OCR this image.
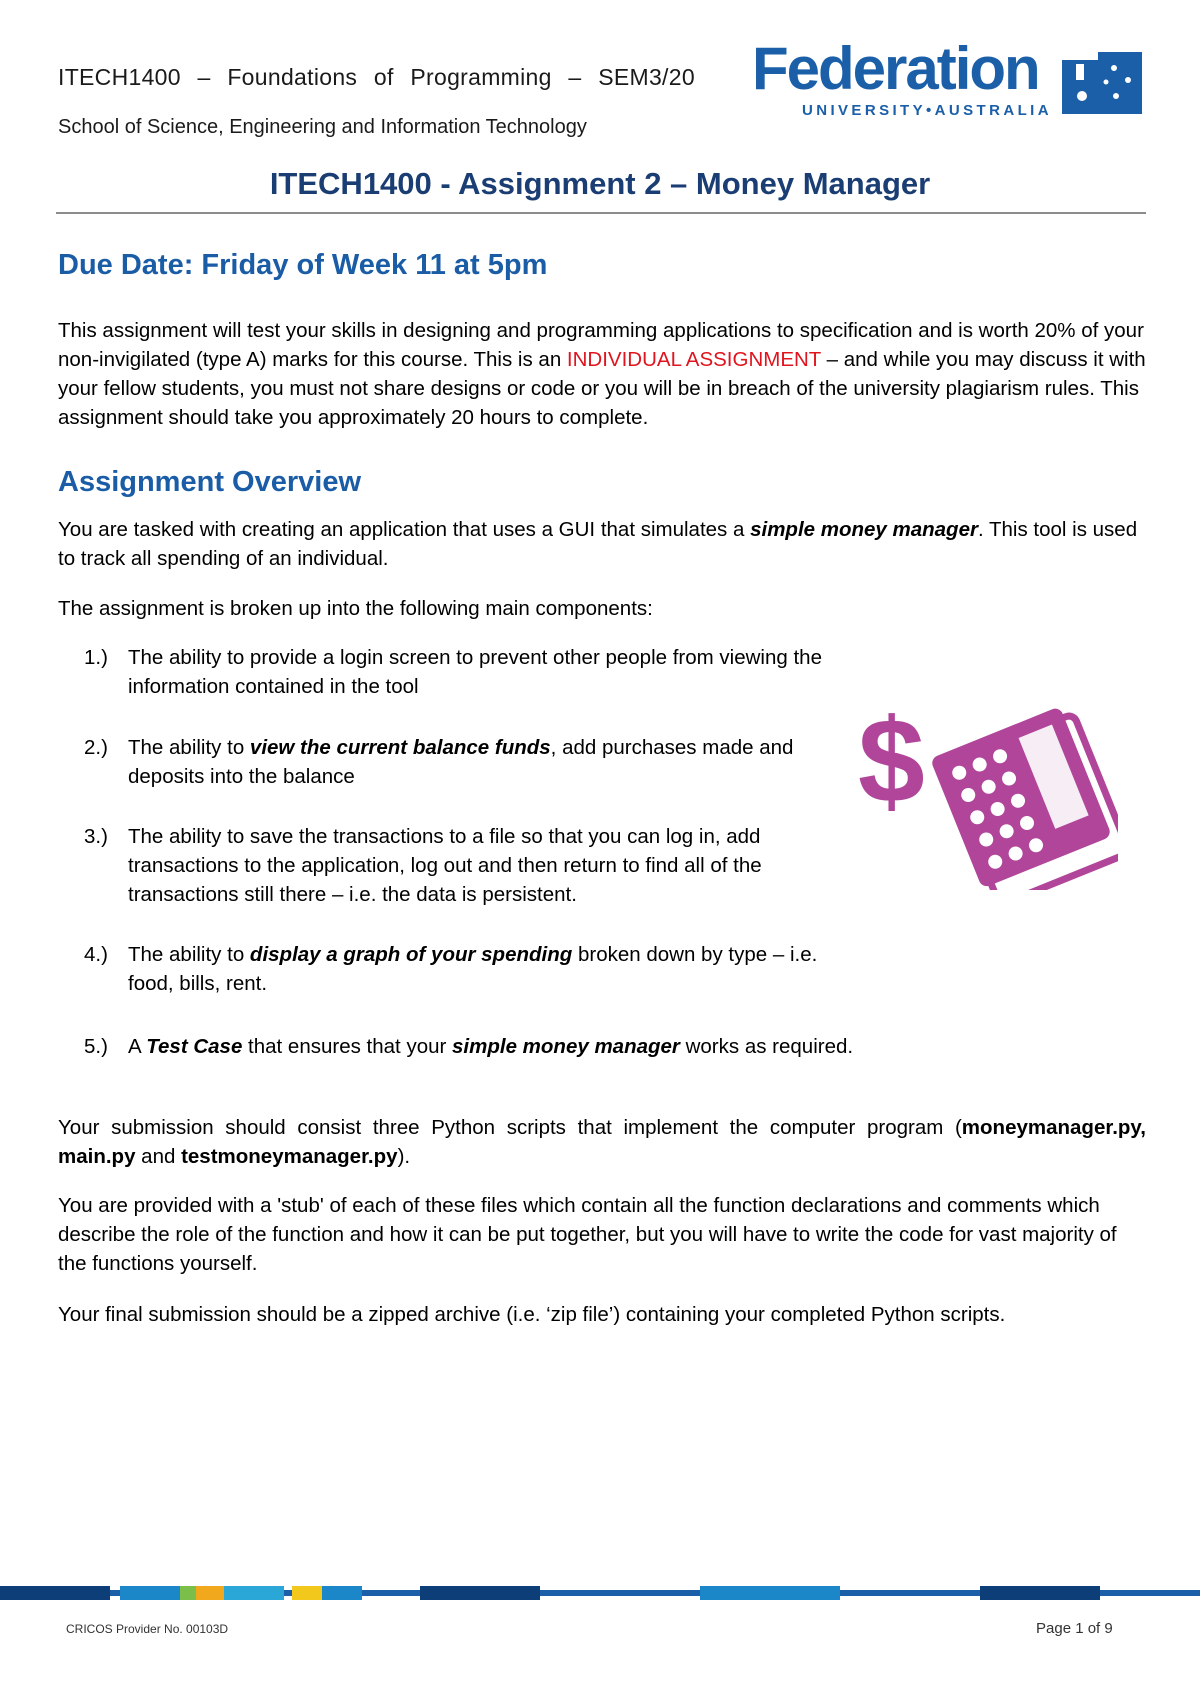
ITECH1400 – Foundations of Programming – SEM3/20
School of Science, Engineering and Information Technology
Federation
UNIVERSITY•AUSTRALIA
ITECH1400 - Assignment 2 – Money Manager
Due Date: Friday of Week 11 at 5pm
This assignment will test your skills in designing and programming applications to specification and is worth 20% of your non-invigilated (type A) marks for this course. This is an INDIVIDUAL ASSIGNMENT – and while you may discuss it with your fellow students, you must not share designs or code or you will be in breach of the university plagiarism rules. This assignment should take you approximately 20 hours to complete.
Assignment Overview
You are tasked with creating an application that uses a GUI that simulates a simple money manager. This tool is used to track all spending of an individual.
The assignment is broken up into the following main components:
1.) The ability to provide a login screen to prevent other people from viewing the information contained in the tool
2.) The ability to view the current balance funds, add purchases made and deposits into the balance
3.) The ability to save the transactions to a file so that you can log in, add transactions to the application, log out and then return to find all of the transactions still there – i.e. the data is persistent.
4.) The ability to display a graph of your spending broken down by type – i.e. food, bills, rent.
5.) A Test Case that ensures that your simple money manager works as required.
$
Your submission should consist three Python scripts that implement the computer program (moneymanager.py, main.py and testmoneymanager.py).
You are provided with a 'stub' of each of these files which contain all the function declarations and comments which describe the role of the function and how it can be put together, but you will have to write the code for vast majority of the functions yourself.
Your final submission should be a zipped archive (i.e. ‘zip file’) containing your completed Python scripts.
CRICOS Provider No. 00103D	Page 1 of 9
